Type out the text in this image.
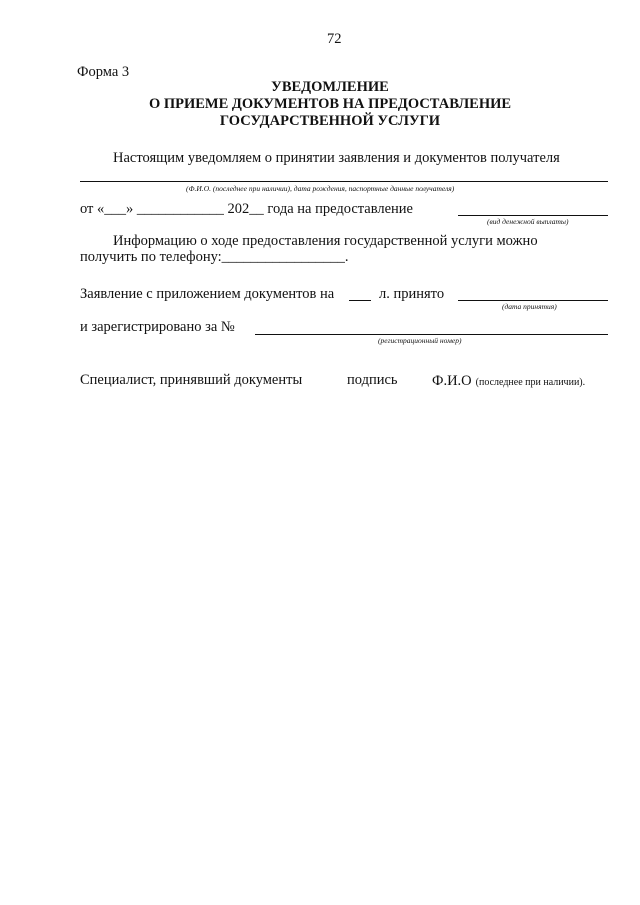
72
Форма 3
УВЕДОМЛЕНИЕ
О ПРИЕМЕ ДОКУМЕНТОВ НА ПРЕДОСТАВЛЕНИЕ
ГОСУДАРСТВЕННОЙ УСЛУГИ
Настоящим уведомляем о принятии заявления и документов получателя
(Ф.И.О. (последнее при наличии), дата рождения, паспортные данные получателя)
от «___» ____________ 202__ года на предоставление
(вид денежной выплаты)
Информацию о ходе предоставления государственной услуги можно
получить по телефону:_________________.
Заявление с приложением документов на	л. принято
(дата принятия)
и зарегистрировано за №
(регистрационный номер)
Специалист, принявший документы	подпись Ф.И.О (последнее при наличии).
